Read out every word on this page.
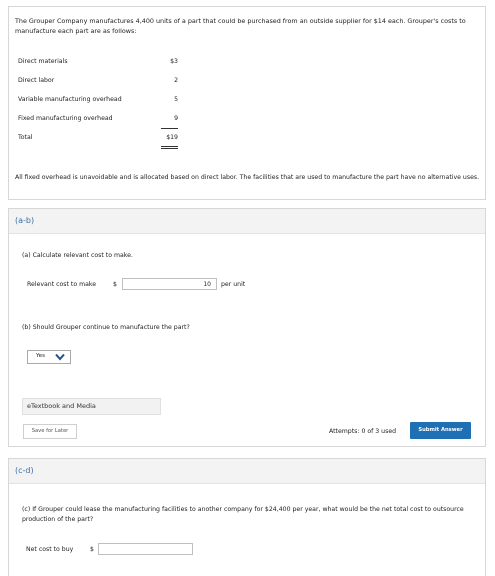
The Grouper Company manufactures 4,400 units of a part that could be purchased from an outside supplier for $14 each. Grouper's costs to manufacture each part are as follows:
Direct materials	$3
Direct labor	2
Variable manufacturing overhead	5
Fixed manufacturing overhead	9
Total	$19
All fixed overhead is unavoidable and is allocated based on direct labor. The facilities that are used to manufacture the part have no alternative uses.
(a-b)
(a) Calculate relevant cost to make.
Relevant cost to make	$	10	per unit
(b) Should Grouper continue to manufacture the part?
Yes
eTextbook and Media
Save for Later	Attempts: 0 of 3 used	Submit Answer
(c-d)
(c) If Grouper could lease the manufacturing facilities to another company for $24,400 per year, what would be the net total cost to outsource production of the part?
Net cost to buy	$
